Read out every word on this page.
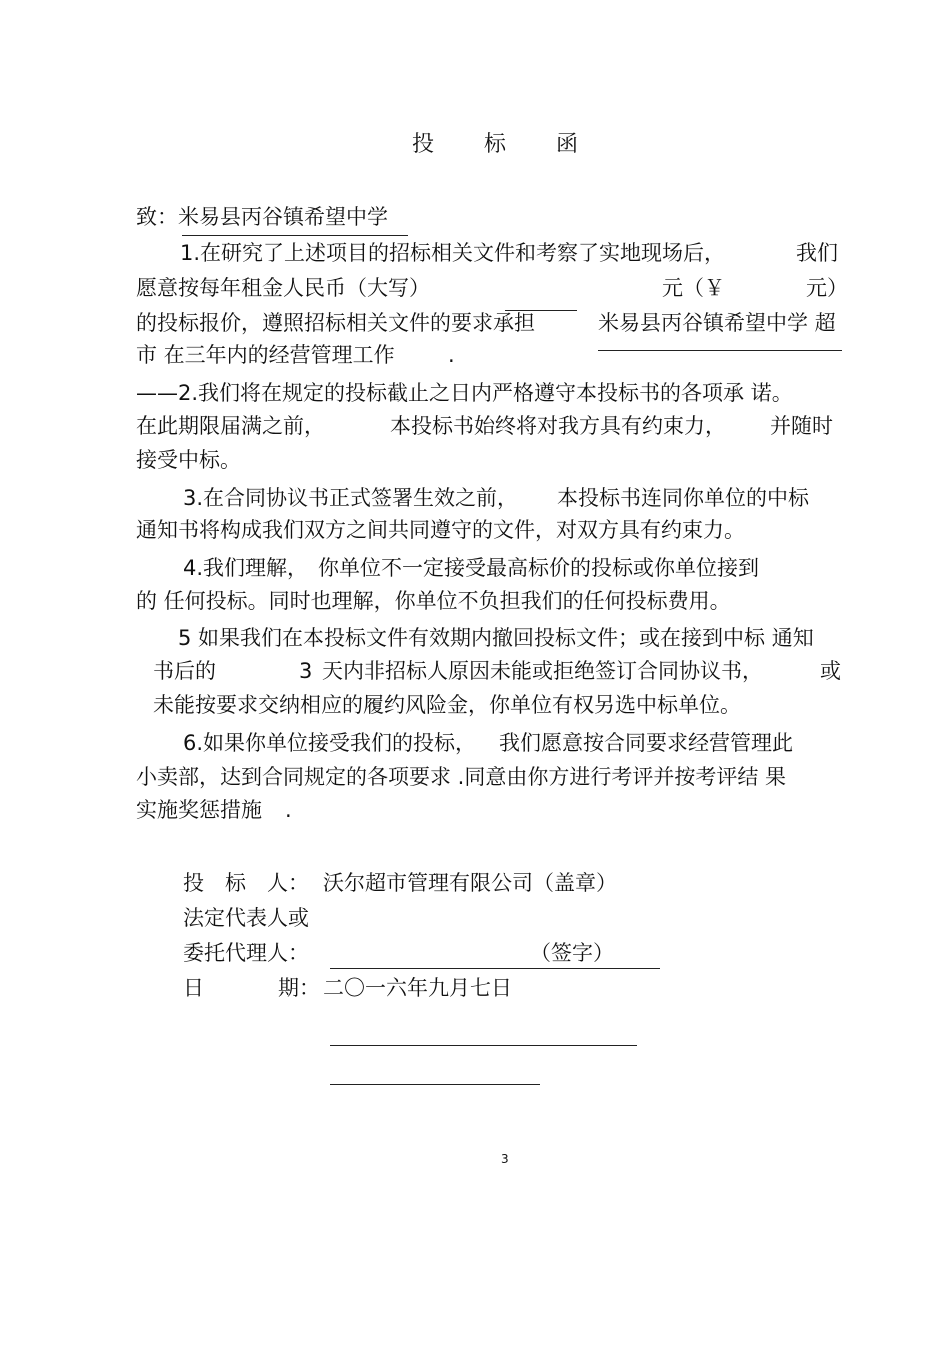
投　　标　　函
致：米易县丙谷镇希望中学
1.在研究了上述项目的招标相关文件和考察了实地现场后，	我们
愿意按每年租金人民币（大写）	元（￥	元）
的投标报价，遵照招标相关文件的要求承担	米易县丙谷镇希望中学 超
市 在三年内的经营管理工作	.
——2.我们将在规定的投标截止之日内严格遵守本投标书的各项承 诺。
在此期限届满之前，	本投标书始终将对我方具有约束力， 并随时
接受中标。
3.在合同协议书正式签署生效之前， 本投标书连同你单位的中标
通知书将构成我们双方之间共同遵守的文件，对双方具有约束力。
4.我们理解， 你单位不一定接受最高标价的投标或你单位接到
的 任何投标。同时也理解，你单位不负担我们的任何投标费用。
5 如果我们在本投标文件有效期内撤回投标文件；或在接到中标 通知
书后的	3 天内非招标人原因未能或拒绝签订合同协议书，	或
未能按要求交纳相应的履约风险金，你单位有权另选中标单位。
6.如果你单位接受我们的投标， 我们愿意按合同要求经营管理此
小卖部，达到合同规定的各项要求 .同意由你方进行考评并按考评结 果
实施奖惩措施 .
投　标　人： 沃尔超市管理有限公司（盖章）
法定代表人或
委托代理人：	（签字）
日	期： 二〇一六年九月七日
3
